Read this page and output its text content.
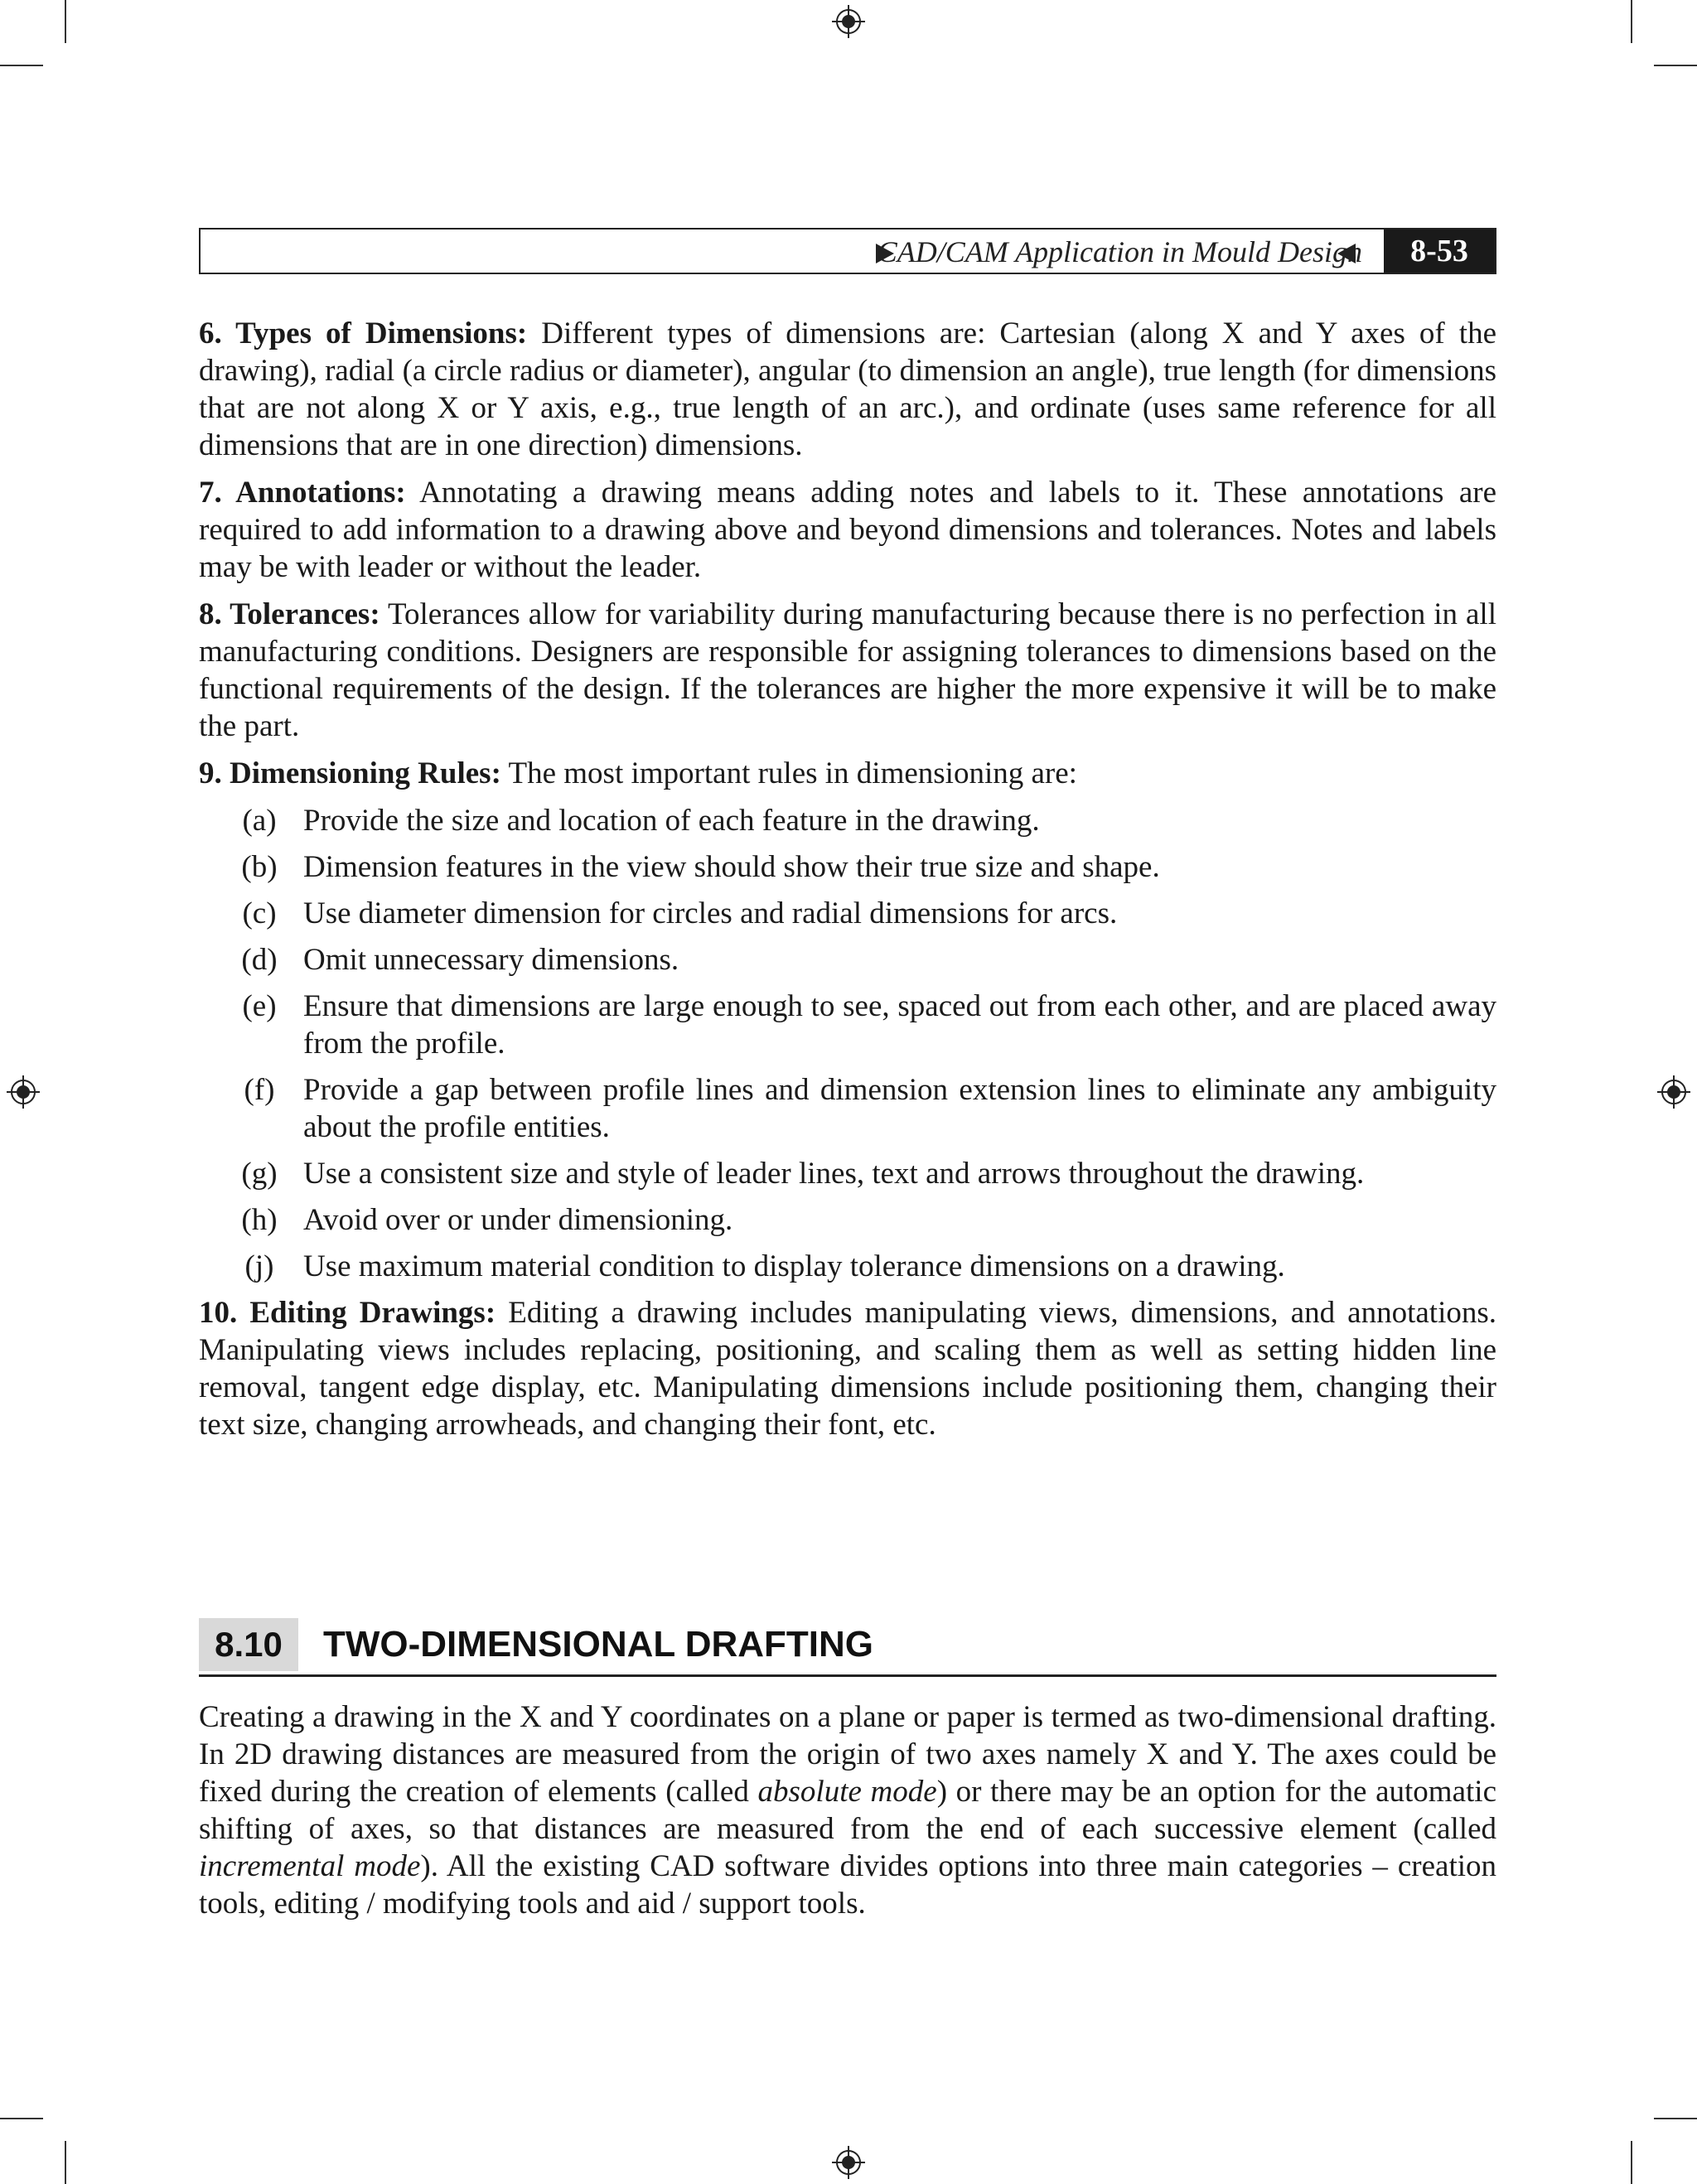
CAD/CAM Application in Mould Design	8-53

6. Types of Dimensions: Different types of dimensions are: Cartesian (along X and Y axes of the drawing), radial (a circle radius or diameter), angular (to dimension an angle), true length (for dimensions that are not along X or Y axis, e.g., true length of an arc.), and ordinate (uses same reference for all dimensions that are in one direction) dimensions.

7. Annotations: Annotating a drawing means adding notes and labels to it. These annotations are required to add information to a drawing above and beyond dimensions and tolerances. Notes and labels may be with leader or without the leader.

8. Tolerances: Tolerances allow for variability during manufacturing because there is no perfection in all manufacturing conditions. Designers are responsible for assigning tolerances to dimensions based on the functional requirements of the design. If the tolerances are higher the more expensive it will be to make the part.

9. Dimensioning Rules: The most important rules in dimensioning are:

(a) Provide the size and location of each feature in the drawing.
(b) Dimension features in the view should show their true size and shape.
(c) Use diameter dimension for circles and radial dimensions for arcs.
(d) Omit unnecessary dimensions.
(e) Ensure that dimensions are large enough to see, spaced out from each other, and are placed away from the profile.
(f) Provide a gap between profile lines and dimension extension lines to eliminate any ambiguity about the profile entities.
(g) Use a consistent size and style of leader lines, text and arrows throughout the drawing.
(h) Avoid over or under dimensioning.
(j) Use maximum material condition to display tolerance dimensions on a drawing.

10. Editing Drawings: Editing a drawing includes manipulating views, dimensions, and annotations. Manipulating views includes replacing, positioning, and scaling them as well as setting hidden line removal, tangent edge display, etc. Manipulating dimensions include positioning them, changing their text size, changing arrowheads, and changing their font, etc.

8.10	TWO-DIMENSIONAL DRAFTING
Creating a drawing in the X and Y coordinates on a plane or paper is termed as two-dimensional drafting. In 2D drawing distances are measured from the origin of two axes namely X and Y. The axes could be fixed during the creation of elements (called absolute mode) or there may be an option for the automatic shifting of axes, so that distances are measured from the end of each successive element (called incremental mode). All the existing CAD software divides options into three main categories – creation tools, editing / modifying tools and aid / support tools.
